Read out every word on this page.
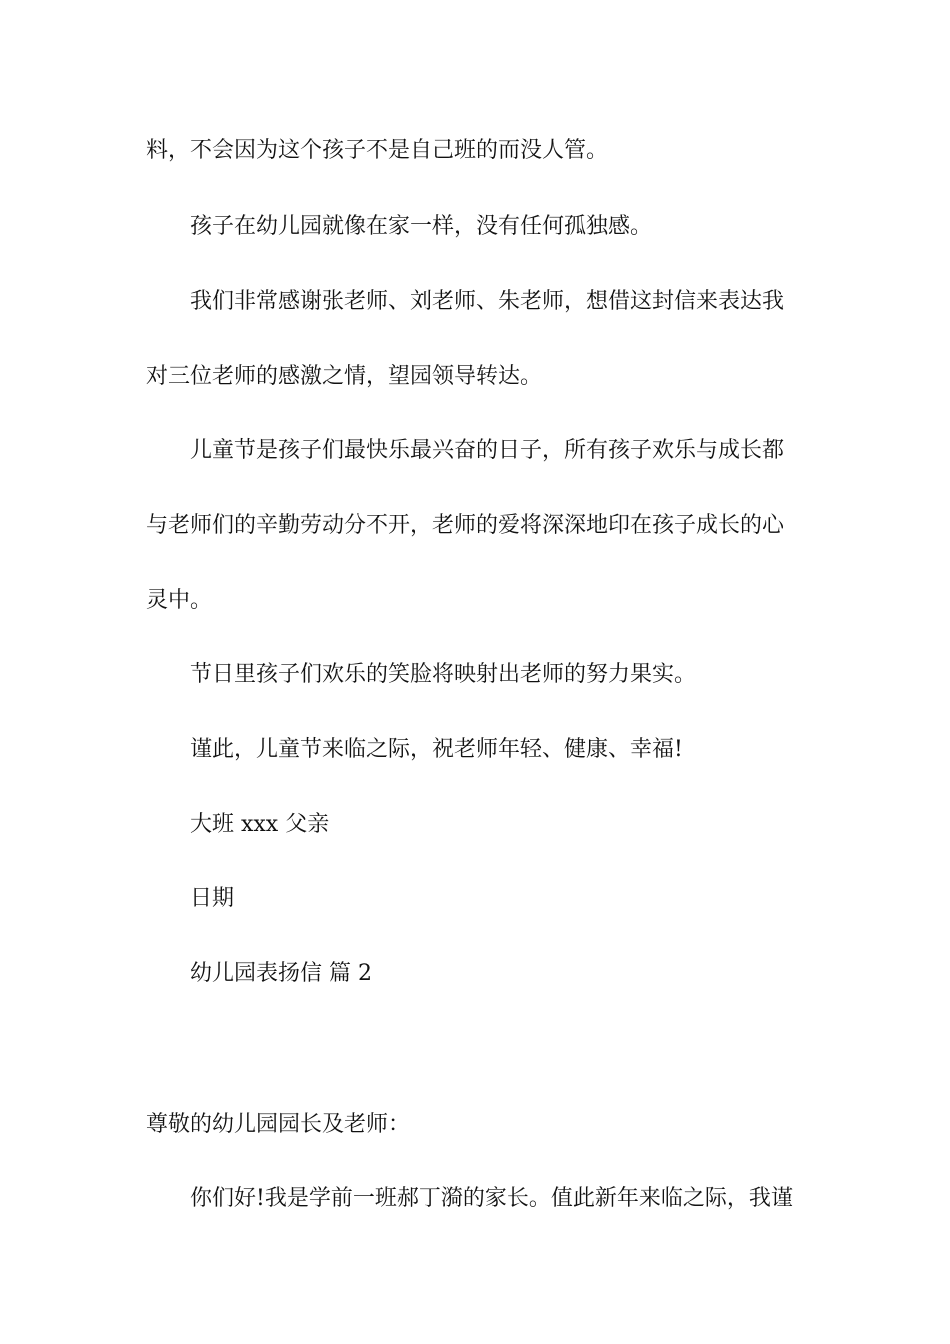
料，不会因为这个孩子不是自己班的而没人管。
孩子在幼儿园就像在家一样，没有任何孤独感。
我们非常感谢张老师、刘老师、朱老师，想借这封信来表达我
对三位老师的感激之情，望园领导转达。
儿童节是孩子们最快乐最兴奋的日子，所有孩子欢乐与成长都
与老师们的辛勤劳动分不开，老师的爱将深深地印在孩子成长的心
灵中。
节日里孩子们欢乐的笑脸将映射出老师的努力果实。
谨此，儿童节来临之际，祝老师年轻、健康、幸福!
大班 xxx 父亲
日期
幼儿园表扬信 篇 2
尊敬的幼儿园园长及老师：
你们好!我是学前一班郝丁漪的家长。值此新年来临之际，我谨
